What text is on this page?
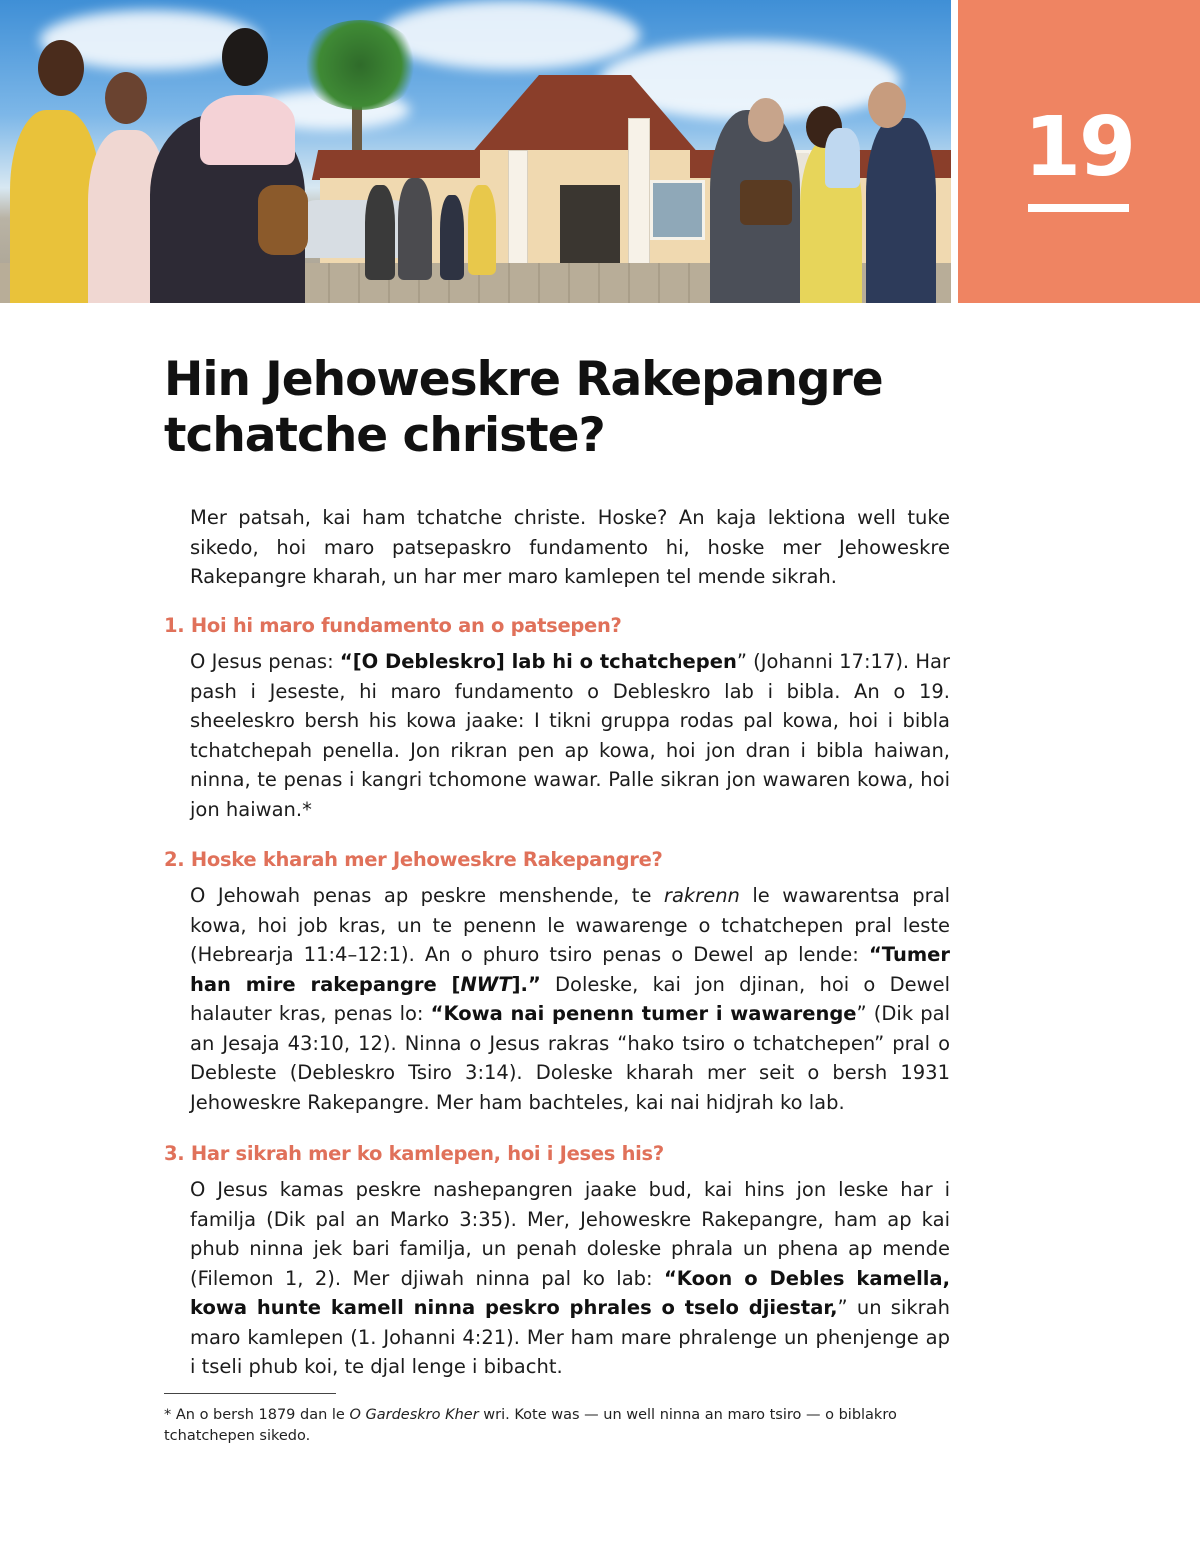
19
Hin Jehoweskre Rakepangre
tchatche christe?

Mer patsah, kai ham tchatche christe. Hoske? An kaja lektiona well tuke sikedo, hoi maro patsepaskro fundamento hi, hoske mer Jehoweskre Rakepangre kharah, un har mer maro kamlepen tel mende sikrah.

1. Hoi hi maro fundamento an o patsepen?

O Jesus penas: “[O Debleskro] lab hi o tchatchepen” (Johanni 17:17). Har pash i Jeseste, hi maro fundamento o Debleskro lab i bibla. An o 19. sheeleskro bersh his kowa jaake: I tikni gruppa rodas pal kowa, hoi i bibla tchatchepah penella. Jon rikran pen ap kowa, hoi jon dran i bibla haiwan, ninna, te penas i kangri tchomone wawar. Palle sikran jon wawaren kowa, hoi jon haiwan.*

2. Hoske kharah mer Jehoweskre Rakepangre?

O Jehowah penas ap peskre menshende, te rakrenn le wawarentsa pral kowa, hoi job kras, un te penenn le wawarenge o tchatchepen pral leste (Hebrearja 11:4–12:1). An o phuro tsiro penas o Dewel ap lende: “Tumer han mire rakepangre [NWT].” Doleske, kai jon djinan, hoi o Dewel halauter kras, penas lo: “Kowa nai penenn tumer i wawarenge” (Dik pal an Jesaja 43:10, 12). Ninna o Jesus rakras “hako tsiro o tchatchepen” pral o Debleste (Debleskro Tsiro 3:14). Doleske kharah mer seit o bersh 1931 Jehoweskre Rakepangre. Mer ham bachteles, kai nai hidjrah ko lab.

3. Har sikrah mer ko kamlepen, hoi i Jeses his?

O Jesus kamas peskre nashepangren jaake bud, kai hins jon leske har i familja (Dik pal an Marko 3:35). Mer, Jehoweskre Rakepangre, ham ap kai phub ninna jek bari familja, un penah doleske phrala un phena ap mende (Filemon 1, 2). Mer djiwah ninna pal ko lab: “Koon o Debles kamella, kowa hunte kamell ninna peskro phrales o tselo djiestar,” un sikrah maro kamlepen (1. Johanni 4:21). Mer ham mare phralenge un phenjenge ap i tseli phub koi, te djal lenge i bibacht.

* An o bersh 1879 dan le O Gardeskro Kher wri. Kote was — un well ninna an maro tsiro — o biblakro tchatchepen sikedo.
